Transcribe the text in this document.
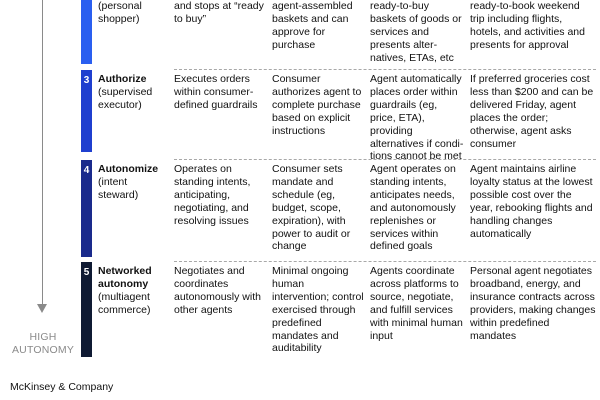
HIGH
AUTONOMY
(personal shopper)
and stops at “ready to buy”
agent-assembled baskets and can approve for purchase
ready-to-buy baskets of goods or services and presents alter-natives, ETAs, etc
ready-to-book weekend trip including flights, hotels, and activities and presents for approval
3 Authorize
(supervised executor)
Executes orders within consumer-defined guardrails
Consumer authorizes agent to complete purchase based on explicit instructions
Agent automatically places order within guardrails (eg, price, ETA), providing alternatives if condi-tions cannot be met
If preferred groceries cost less than $200 and can be delivered Friday, agent places the order; otherwise, agent asks consumer
4 Autonomize
(intent steward)
Operates on standing intents, anticipating, negotiating, and resolving issues
Consumer sets mandate and schedule (eg, budget, scope, expiration), with power to audit or change
Agent operates on standing intents, anticipates needs, and autonomously replenishes or services within defined goals
Agent maintains airline loyalty status at the lowest possible cost over the year, rebooking flights and handling changes automatically
5 Networked autonomy
(multiagent commerce)
Negotiates and coordinates autonomously with other agents
Minimal ongoing human intervention; control exercised through predefined mandates and auditability
Agents coordinate across platforms to source, negotiate, and fulfill services with minimal human input
Personal agent negotiates broadband, energy, and insurance contracts across providers, making changes within predefined mandates
McKinsey & Company
